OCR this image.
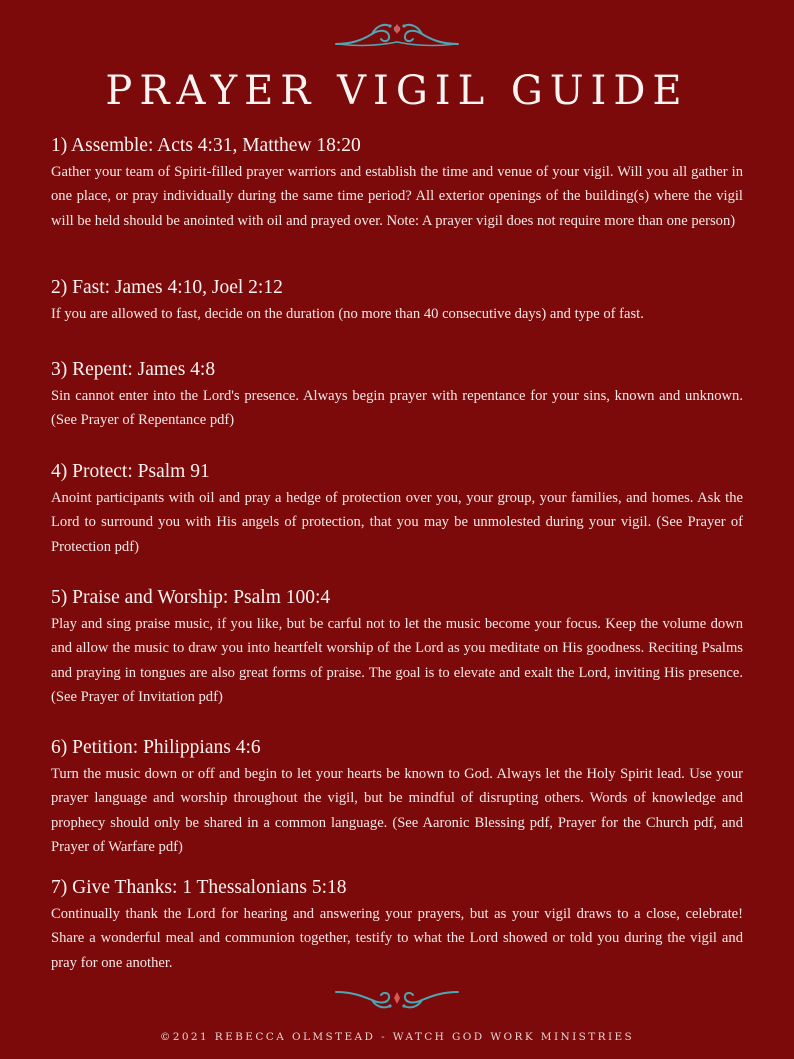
PRAYER VIGIL GUIDE
1) Assemble: Acts 4:31, Matthew 18:20

Gather your team of Spirit-filled prayer warriors and establish the time and venue of your vigil. Will you all gather in one place, or pray individually during the same time period? All exterior openings of the building(s) where the vigil will be held should be anointed with oil and prayed over. Note: A prayer vigil does not require more than one person)

2) Fast: James 4:10, Joel 2:12

If you are allowed to fast, decide on the duration (no more than 40 consecutive days) and type of fast.

3) Repent: James 4:8

Sin cannot enter into the Lord's presence. Always begin prayer with repentance for your sins, known and unknown. (See Prayer of Repentance pdf)

4) Protect: Psalm 91

Anoint participants with oil and pray a hedge of protection over you, your group, your families, and homes. Ask the Lord to surround you with His angels of protection, that you may be unmolested during your vigil. (See Prayer of Protection pdf)

5) Praise and Worship: Psalm 100:4

Play and sing praise music, if you like, but be carful not to let the music become your focus. Keep the volume down and allow the music to draw you into heartfelt worship of the Lord as you meditate on His goodness. Reciting Psalms and praying in tongues are also great forms of praise. The goal is to elevate and exalt the Lord, inviting His presence. (See Prayer of Invitation pdf)

6) Petition: Philippians 4:6

Turn the music down or off and begin to let your hearts be known to God. Always let the Holy Spirit lead. Use your prayer language and worship throughout the vigil, but be mindful of disrupting others. Words of knowledge and prophecy should only be shared in a common language. (See Aaronic Blessing pdf, Prayer for the Church pdf, and Prayer of Warfare pdf)

7) Give Thanks: 1 Thessalonians 5:18

Continually thank the Lord for hearing and answering your prayers, but as your vigil draws to a close, celebrate! Share a wonderful meal and communion together, testify to what the Lord showed or told you during the vigil and pray for one another.

©2021 REBECCA OLMSTEAD - WATCH GOD WORK MINISTRIES
